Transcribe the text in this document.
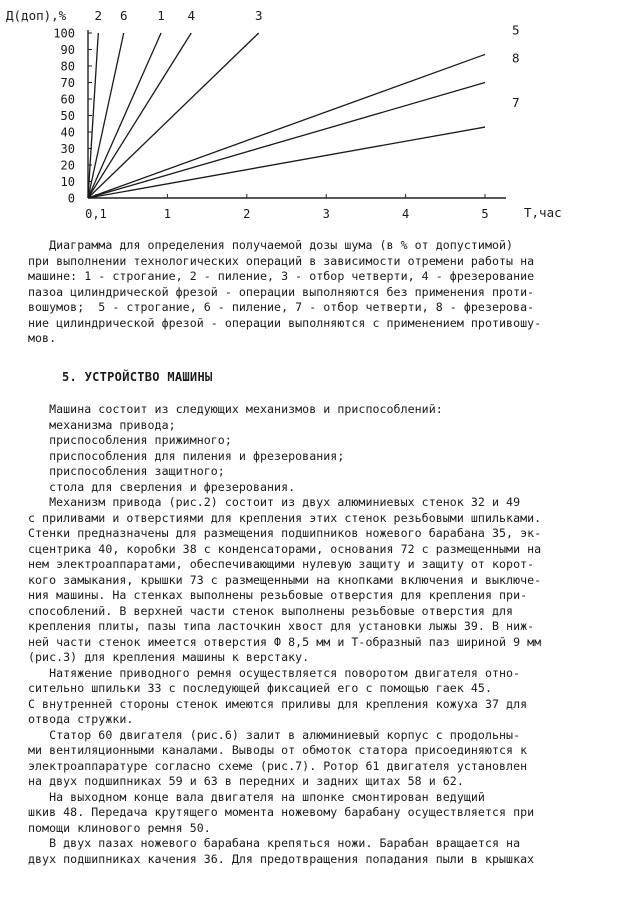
0
10
20
30
40
50
60
70
80
90
100
0,1	1	2	3	4	5
2 6 1 4	3
5
8
7
Д(доп),%
T,час
Диаграмма для определения получаемой дозы шума (в % от допустимой)
при выполнении технологических операций в зависимости отремени работы на
машине: 1 - строгание, 2 - пиление, 3 - отбор четверти, 4 - фрезерование
пазоа цилиндрической фрезой - операции выполняются без применения проти-
вошумов;  5 - строгание, 6 - пиление, 7 - отбор четверти, 8 - фрезерова-
ние цилиндрической фрезой - операции выполняются с применением противошу-
мов.
5. УСТРОЙСТВО МАШИНЫ
Машина состоит из следующих механизмов и приспособлений:
механизма привода;
приспособления прижимного;
приспособления для пиления и фрезерования;
приспособления защитного;
стола для сверления и фрезерования.
Механизм привода (рис.2) состоит из двух алюминиевых стенок 32 и 49
с приливами и отверстиями для крепления этих стенок резьбовыми шпильками.
Стенки предназначены для размещения подшипников ножевого барабана 35, эк-
сцентрика 40, коробки 38 с конденсаторами, основания 72 с размещенными на
нем электроаппаратами, обеспечивающими нулевую защиту и защиту от корот-
кого замыкания, крышки 73 с размещенными на кнопками включения и выключе-
ния машины. На стенках выполнены резьбовые отверстия для крепления при-
способлений. В верхней части стенок выполнены резьбовые отверстия для
крепления плиты, пазы типа ласточкин хвост для установки лыжы 39. В ниж-
ней части стенок имеется отверстия Ф 8,5 мм и Т-образный паз шириной 9 мм
(рис.3) для крепления машины к верстаку.
Натяжение приводного ремня осуществляется поворотом двигателя отно-
сительно шпильки 33 с последующей фиксацией его с помощью гаек 45.
С внутренней стороны стенок имеются приливы для крепления кожуха 37 для
отвода стружки.
Статор 60 двигателя (рис.6) залит в алюминиевый корпус с продольны-
ми вентиляционными каналами. Выводы от обмоток статора присоединяются к
электроаппаратуре согласно схеме (рис.7). Ротор 61 двигателя установлен
на двух подшипниках 59 и 63 в передних и задних щитах 58 и 62.
На выходном конце вала двигателя на шпонке смонтирован ведущий
шкив 48. Передача крутящего момента ножевому барабану осуществляется при
помощи клинового ремня 50.
В двух пазах ножевого барабана крепяться ножи. Барабан вращается на
двух подшипниках качения 36. Для предотвращения попадания пыли в крышках
